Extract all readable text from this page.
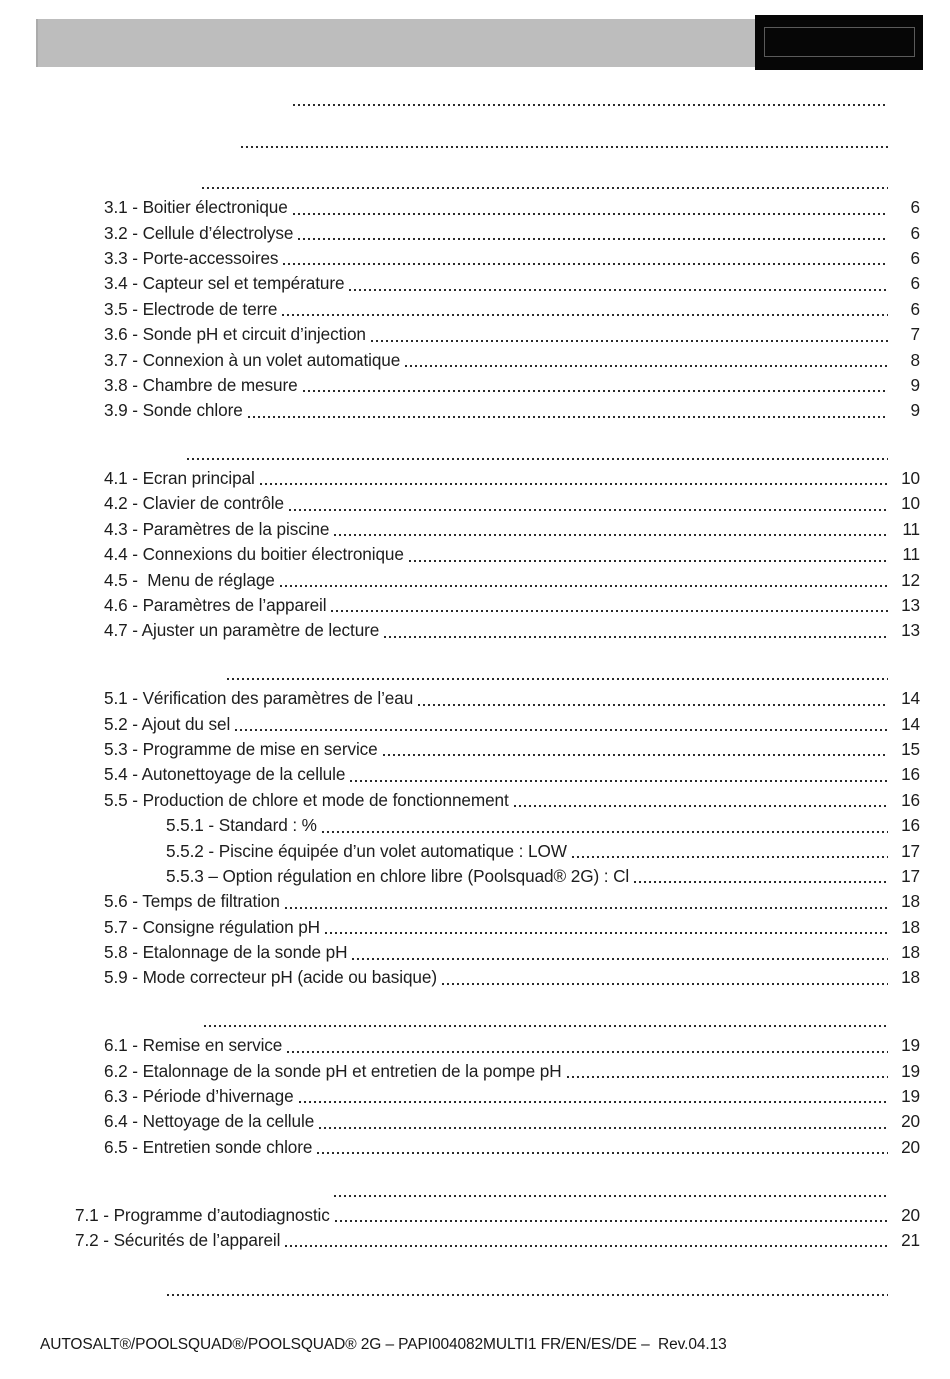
3.1 - Boitier électronique	6
3.2 - Cellule d’électrolyse	6
3.3 - Porte-accessoires	6
3.4 - Capteur sel et température	6
3.5 - Electrode de terre	6
3.6 - Sonde pH et circuit d’injection	7
3.7 - Connexion à un volet automatique	8
3.8 - Chambre de mesure	9
3.9 - Sonde chlore	9
4.1 - Ecran principal	10
4.2 - Clavier de contrôle	10
4.3 - Paramètres de la piscine	11
4.4 - Connexions du boitier électronique	11
4.5 -  Menu de réglage	12
4.6 - Paramètres de l’appareil	13
4.7 - Ajuster un paramètre de lecture	13
5.1 - Vérification des paramètres de l’eau	14
5.2 - Ajout du sel	14
5.3 - Programme de mise en service	15
5.4 - Autonettoyage de la cellule	16
5.5 - Production de chlore et mode de fonctionnement	16
5.5.1 - Standard : %	16
5.5.2 - Piscine équipée d’un volet automatique : LOW	17
5.5.3 – Option régulation en chlore libre (Poolsquad® 2G) : Cl	17
5.6 - Temps de filtration	18
5.7 - Consigne régulation pH	18
5.8 - Etalonnage de la sonde pH	18
5.9 - Mode correcteur pH (acide ou basique)	18
6.1 - Remise en service	19
6.2 - Etalonnage de la sonde pH et entretien de la pompe pH	19
6.3 - Période d’hivernage	19
6.4 - Nettoyage de la cellule	20
6.5 - Entretien sonde chlore	20
7.1 - Programme d’autodiagnostic	20
7.2 - Sécurités de l’appareil	21
AUTOSALT®/POOLSQUAD®/POOLSQUAD® 2G – PAPI004082MULTI1 FR/EN/ES/DE –  Rev.04.13
